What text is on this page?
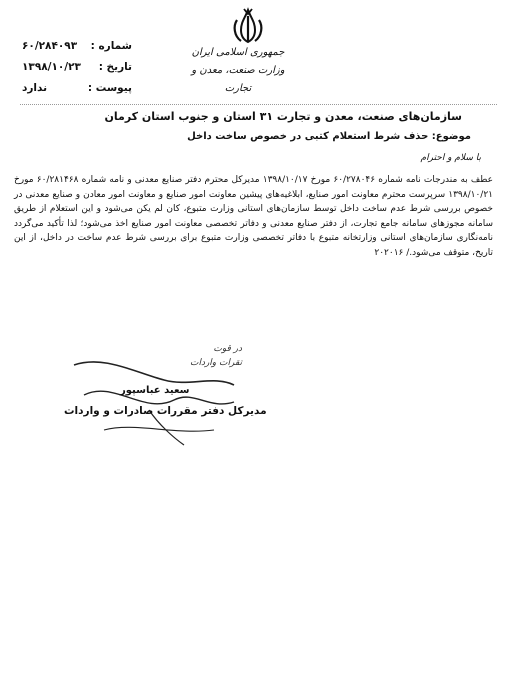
شماره :
۶۰/۲۸۴۰۹۳
تاریخ :
۱۳۹۸/۱۰/۲۳
پیوست :
ندارد
جمهوری اسلامی ایران
وزارت صنعت، معدن و تجارت
سازمان‌های صنعت، معدن و تجارت ۳۱ استان و جنوب استان کرمان
موضوع: حذف شرط استعلام کتبی در خصوص ساخت داخل
با سلام و احترام
عطف به مندرجات نامه شماره ۶۰/۲۷۸۰۴۶ مورخ ۱۳۹۸/۱۰/۱۷ مدیرکل محترم دفتر صنایع معدنی و نامه شماره ۶۰/۲۸۱۴۶۸ مورخ ۱۳۹۸/۱۰/۲۱ سرپرست محترم معاونت امور صنایع، ابلاغیه‌های پیشین معاونت امور صنایع و معاونت امور معادن و صنایع معدنی در خصوص بررسی شرط عدم ساخت داخل توسط سازمان‌های استانی وزارت متبوع، کان لم یکن می‌شود و این استعلام از طریق سامانه مجوزهای سامانه جامع تجارت، از دفتر صنایع معدنی و دفاتر تخصصی معاونت امور صنایع اخذ می‌شود؛ لذا تأکید می‌گردد نامه‌نگاری سازمان‌های استانی وزارتخانه متبوع با دفاتر تخصصی وزارت متبوع برای بررسی شرط عدم ساخت در داخل، از این تاریخ، متوقف می‌شود./ ۲۰۲۰۱۶
در قوت
تقرات واردات
سعید عباسپور
مدیرکل دفتر مقررات صادرات و واردات
